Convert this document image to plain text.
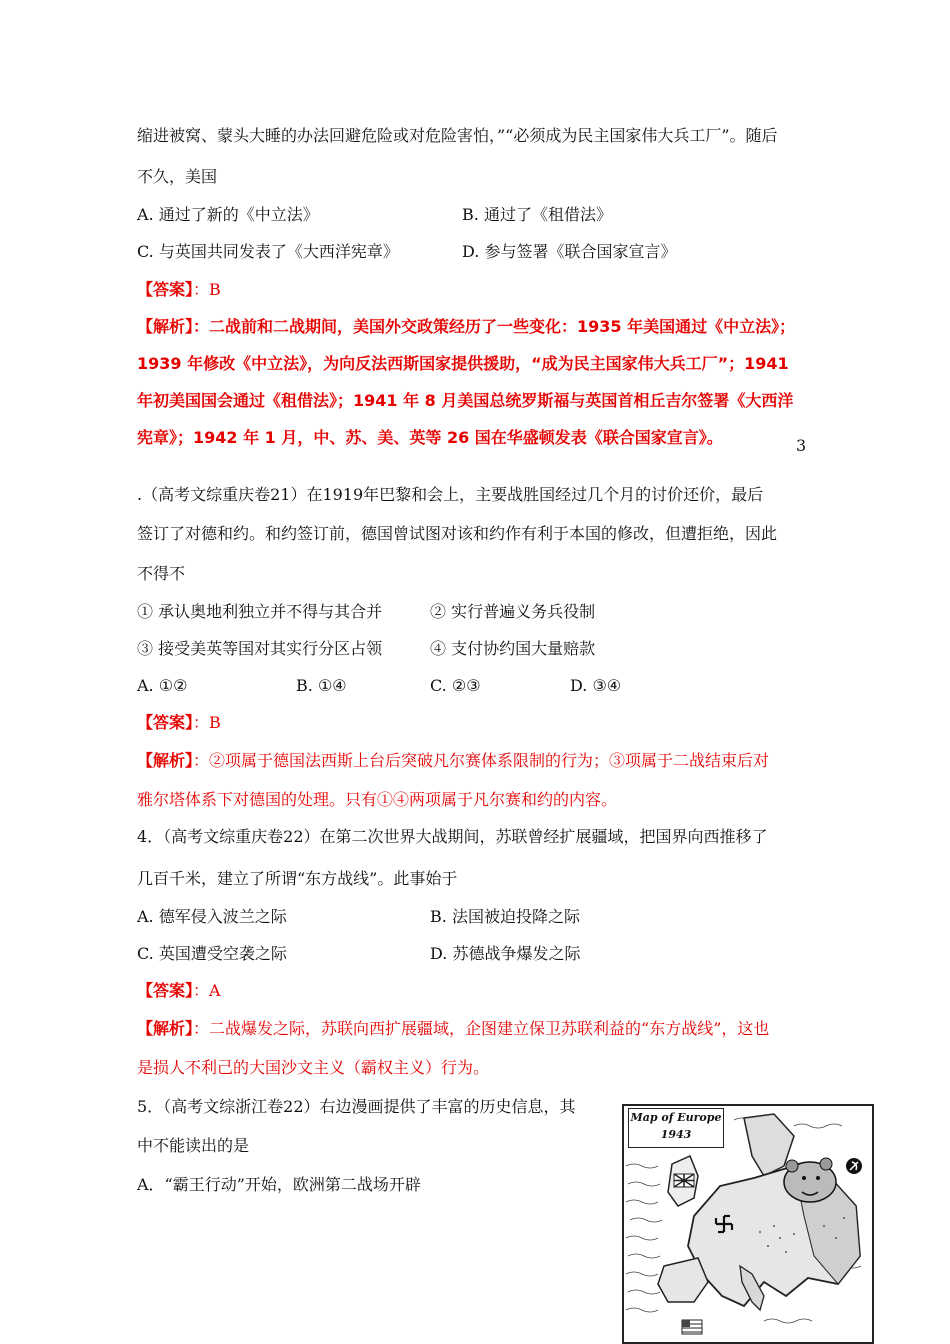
缩进被窝、蒙头大睡的办法回避危险或对危险害怕，”“必须成为民主国家伟大兵工厂”。随后
不久，美国
A. 通过了新的《中立法》	B. 通过了《租借法》
C. 与英国共同发表了《大西洋宪章》	D. 参与签署《联合国家宣言》
【答案】：B
【解析】：二战前和二战期间，美国外交政策经历了一些变化：1935 年美国通过《中立法》；
1939 年修改《中立法》，为向反法西斯国家提供援助，“成为民主国家伟大兵工厂”；1941
年初美国国会通过《租借法》；1941 年 8 月美国总统罗斯福与英国首相丘吉尔签署《大西洋
宪章》；1942 年 1 月，中、苏、美、英等 26 国在华盛顿发表《联合国家宣言》。	3
.（高考文综重庆卷21）在1919年巴黎和会上，主要战胜国经过几个月的讨价还价，最后
签订了对德和约。和约签订前，德国曾试图对该和约作有利于本国的修改，但遭拒绝，因此
不得不
① 承认奥地利独立并不得与其合并	② 实行普遍义务兵役制
③ 接受美英等国对其实行分区占领	④ 支付协约国大量赔款
A. ①②	B. ①④	C. ②③	D. ③④
【答案】：B
【解析】：②项属于德国法西斯上台后突破凡尔赛体系限制的行为；③项属于二战结束后对
雅尔塔体系下对德国的处理。只有①④两项属于凡尔赛和约的内容。
4．（高考文综重庆卷22）在第二次世界大战期间，苏联曾经扩展疆域，把国界向西推移了
几百千米，建立了所谓“东方战线”。此事始于
A. 德军侵入波兰之际	B. 法国被迫投降之际
C. 英国遭受空袭之际	D. 苏德战争爆发之际
【答案】：A
【解析】：二战爆发之际，苏联向西扩展疆域，企图建立保卫苏联利益的“东方战线”，这也
是损人不利己的大国沙文主义（霸权主义）行为。
5．（高考文综浙江卷22）右边漫画提供了丰富的历史信息，其
中不能读出的是
A．“霸王行动”开始，欧洲第二战场开辟
Map of Europe
1943
